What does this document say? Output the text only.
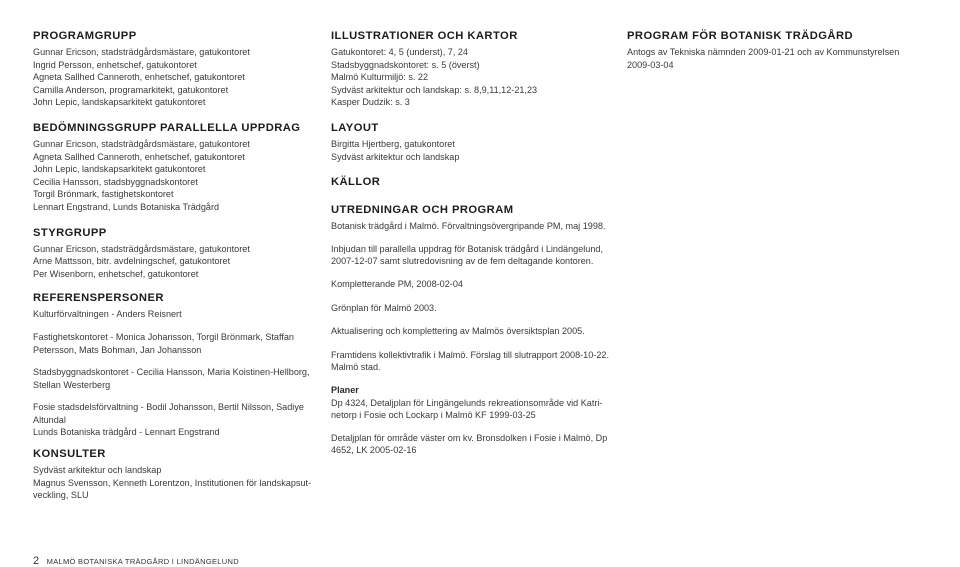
PROGRAMGRUPP
Gunnar Ericson, stadsträdgårdsmästare, gatukontoret
Ingrid Persson, enhetschef, gatukontoret
Agneta Sallhed Canneroth, enhetschef, gatukontoret
Camilla Anderson, programarkitekt, gatukontoret
John Lepic, landskapsarkitekt gatukontoret
BEDÖMNINGSGRUPP PARALLELLA UPPDRAG
Gunnar Ericson, stadsträdgårdsmästare, gatukontoret
Agneta Sallhed Canneroth, enhetschef, gatukontoret
John Lepic, landskapsarkitekt gatukontoret
Cecilia Hansson, stadsbyggnadskontoret
Torgil Brönmark, fastighetskontoret
Lennart Engstrand, Lunds Botaniska Trädgård
STYRGRUPP
Gunnar Ericson, stadsträdgårdsmästare, gatukontoret
Arne Mattsson, bitr. avdelningschef, gatukontoret
Per Wisenborn, enhetschef, gatukontoret
REFERENSPERSONER
Kulturförvaltningen - Anders Reisnert
Fastighetskontoret - Monica Johansson, Torgil Brönmark, Staffan Petersson, Mats Bohman, Jan Johansson
Stadsbyggnadskontoret - Cecilia Hansson, Maria Koistinen-Hellborg, Stellan Westerberg
Fosie stadsdelsförvaltning - Bodil Johansson, Bertil Nilsson, Sadiye Altundal
Lunds Botaniska trädgård - Lennart Engstrand
KONSULTER
Sydväst arkitektur och landskap
Magnus Svensson, Kenneth Lorentzon, Institutionen för landskapsut-veckling, SLU
ILLUSTRATIONER OCH KARTOR
Gatukontoret: 4, 5 (underst), 7, 24
Stadsbyggnadskontoret: s. 5 (överst)
Malmö Kulturmiljö: s. 22
Sydväst arkitektur och landskap: s. 8,9,11,12-21,23
Kasper Dudzik: s. 3
LAYOUT
Birgitta Hjertberg, gatukontoret
Sydväst arkitektur och landskap
KÄLLOR
UTREDNINGAR OCH PROGRAM
Botanisk trädgård i Malmö. Förvaltningsövergripande PM, maj 1998.
Inbjudan till parallella uppdrag för Botanisk trädgård i Lindängelund, 2007-12-07 samt slutredovisning av de fem deltagande kontoren.
Kompletterande PM, 2008-02-04
Grönplan för Malmö 2003.
Aktualisering och komplettering av Malmös översiktsplan 2005.
Framtidens kollektivtrafik i Malmö. Förslag till slutrapport 2008-10-22. Malmö stad.
Planer
Dp 4324, Detaljplan för Lingängelunds rekreationsområde vid Katri-netorp i Fosie och Lockarp i Malmö KF 1999-03-25
Detaljplan för område väster om kv. Bronsdolken i Fosie i Malmö, Dp 4652, LK 2005-02-16
PROGRAM FÖR BOTANISK TRÄDGÅRD
Antogs av Tekniska nämnden 2009-01-21 och av Kommunstyrelsen 2009-03-04
2 MALMÖ BOTANISKA TRÄDGÅRD I LINDÄNGELUND
